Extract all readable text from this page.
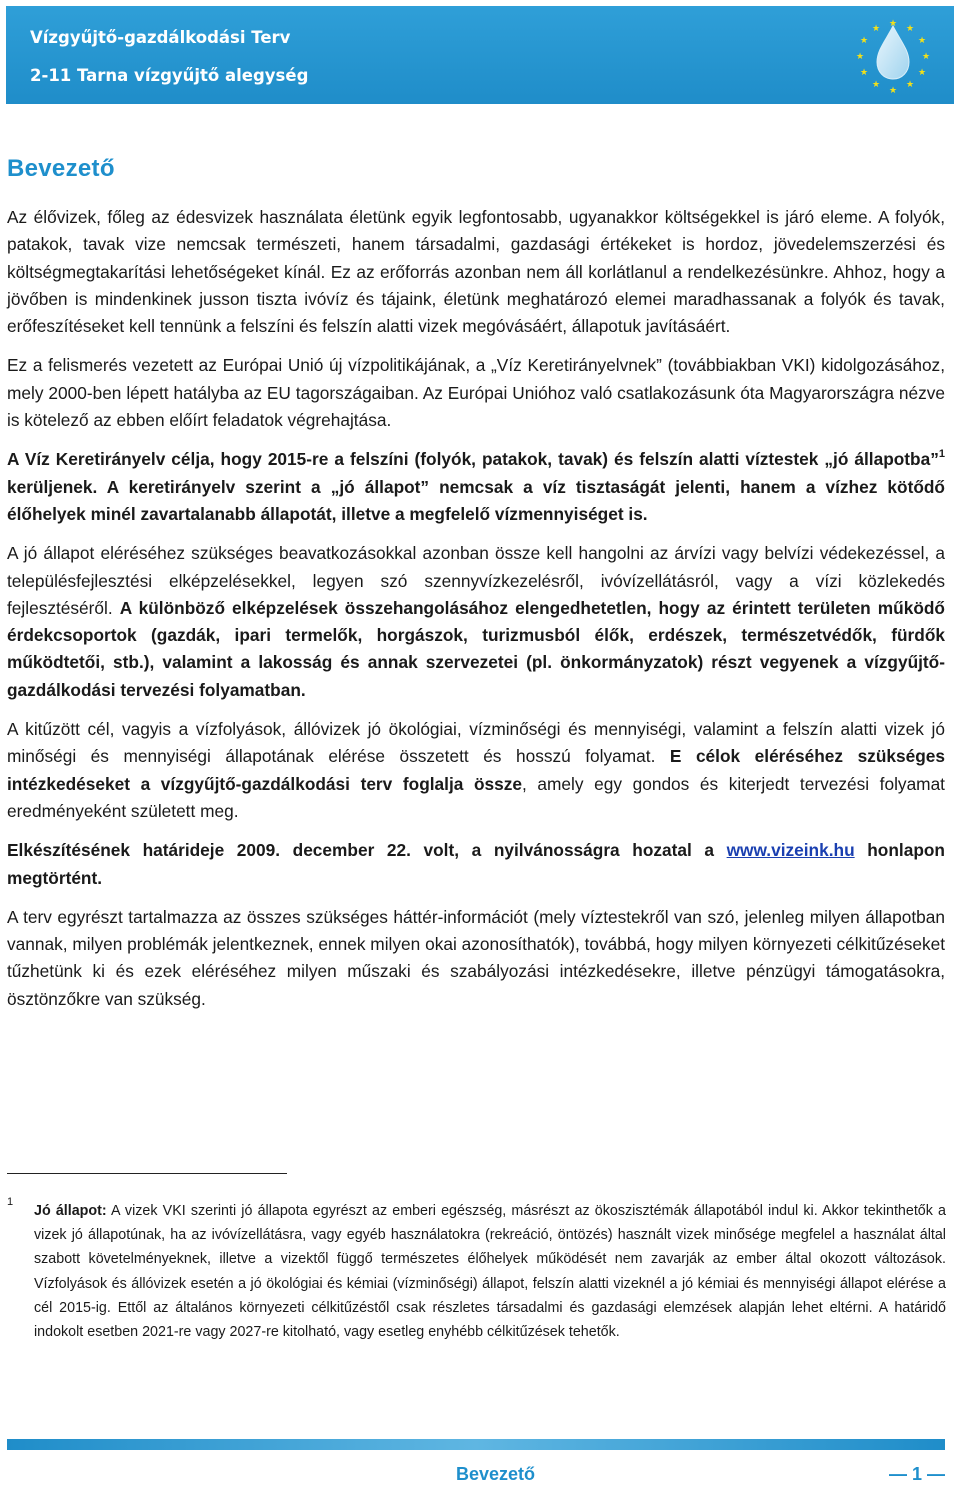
Vízgyűjtő-gazdálkodási Terv
2-11 Tarna vízgyűjtő alegység
★ ★
★
★
★
★
★
★
★
★
★
★
Bevezető

Az élővizek, főleg az édesvizek használata életünk egyik legfontosabb, ugyanakkor költségekkel is járó eleme. A folyók, patakok, tavak vize nemcsak természeti, hanem társadalmi, gazdasági értékeket is hordoz, jövedelemszerzési és költségmegtakarítási lehetőségeket kínál. Ez az erőforrás azonban nem áll korlátlanul a rendelkezésünkre. Ahhoz, hogy a jövőben is mindenkinek jusson tiszta ivóvíz és tájaink, életünk meghatározó elemei maradhassanak a folyók és tavak, erőfeszítéseket kell tennünk a felszíni és felszín alatti vizek megóvásáért, állapotuk javításáért.

Ez a felismerés vezetett az Európai Unió új vízpolitikájának, a „Víz Keretirányelvnek” (továbbiakban VKI) kidolgozásához, mely 2000-ben lépett hatályba az EU tagországaiban. Az Európai Unióhoz való csatlakozásunk óta Magyarországra nézve is kötelező az ebben előírt feladatok végrehajtása.

A Víz Keretirányelv célja, hogy 2015-re a felszíni (folyók, patakok, tavak) és felszín alatti víztestek „jó állapotba”$^1$ kerüljenek. A keretirányelv szerint a „jó állapot” nemcsak a víz tisztaságát jelenti, hanem a vízhez kötődő élőhelyek minél zavartalanabb állapotát, illetve a megfelelő vízmennyiséget is.

A jó állapot eléréséhez szükséges beavatkozásokkal azonban össze kell hangolni az árvízi vagy belvízi védekezéssel, a településfejlesztési elképzelésekkel, legyen szó szennyvízkezelésről, ivóvízellátásról, vagy a vízi közlekedés fejlesztéséről. A különböző elképzelések összehangolásához elengedhetetlen, hogy az érintett területen működő érdekcsoportok (gazdák, ipari termelők, horgászok, turizmusból élők, erdészek, természetvédők, fürdők működtetői, stb.), valamint a lakosság és annak szervezetei (pl. önkormányzatok) részt vegyenek a vízgyűjtő-gazdálkodási tervezési folyamatban.

A kitűzött cél, vagyis a vízfolyások, állóvizek jó ökológiai, vízminőségi és mennyiségi, valamint a felszín alatti vizek jó minőségi és mennyiségi állapotának elérése összetett és hosszú folyamat. E célok eléréséhez szükséges intézkedéseket a vízgyűjtő-gazdálkodási terv foglalja össze, amely egy gondos és kiterjedt tervezési folyamat eredményeként született meg.

Elkészítésének határideje 2009. december 22. volt, a nyilvánosságra hozatal a www.vizeink.hu honlapon megtörtént.

A terv egyrészt tartalmazza az összes szükséges háttér-információt (mely víztestekről van szó, jelenleg milyen állapotban vannak, milyen problémák jelentkeznek, ennek milyen okai azonosíthatók), továbbá, hogy milyen környezeti célkitűzéseket tűzhetünk ki és ezek eléréséhez milyen műszaki és szabályozási intézkedésekre, illetve pénzügyi támogatásokra, ösztönzőkre van szükség.

1

Jó állapot: A vizek VKI szerinti jó állapota egyrészt az emberi egészség, másrészt az ökoszisztémák állapotából indul ki. Akkor tekinthetők a vizek jó állapotúnak, ha az ivóvízellátásra, vagy egyéb használatokra (rekreáció, öntözés) használt vizek minősége megfelel a használat által szabott követelményeknek, illetve a vizektől függő természetes élőhelyek működését nem zavarják az ember által okozott változások. Vízfolyások és állóvizek esetén a jó ökológiai és kémiai (vízminőségi) állapot, felszín alatti vizeknél a jó kémiai és mennyiségi állapot elérése a cél 2015-ig. Ettől az általános környezeti célkitűzéstől csak részletes társadalmi és gazdasági elemzések alapján lehet eltérni. A határidő indokolt esetben 2021-re vagy 2027-re kitolható, vagy esetleg enyhébb célkitűzések tehetők.

Bevezető	— 1 —
